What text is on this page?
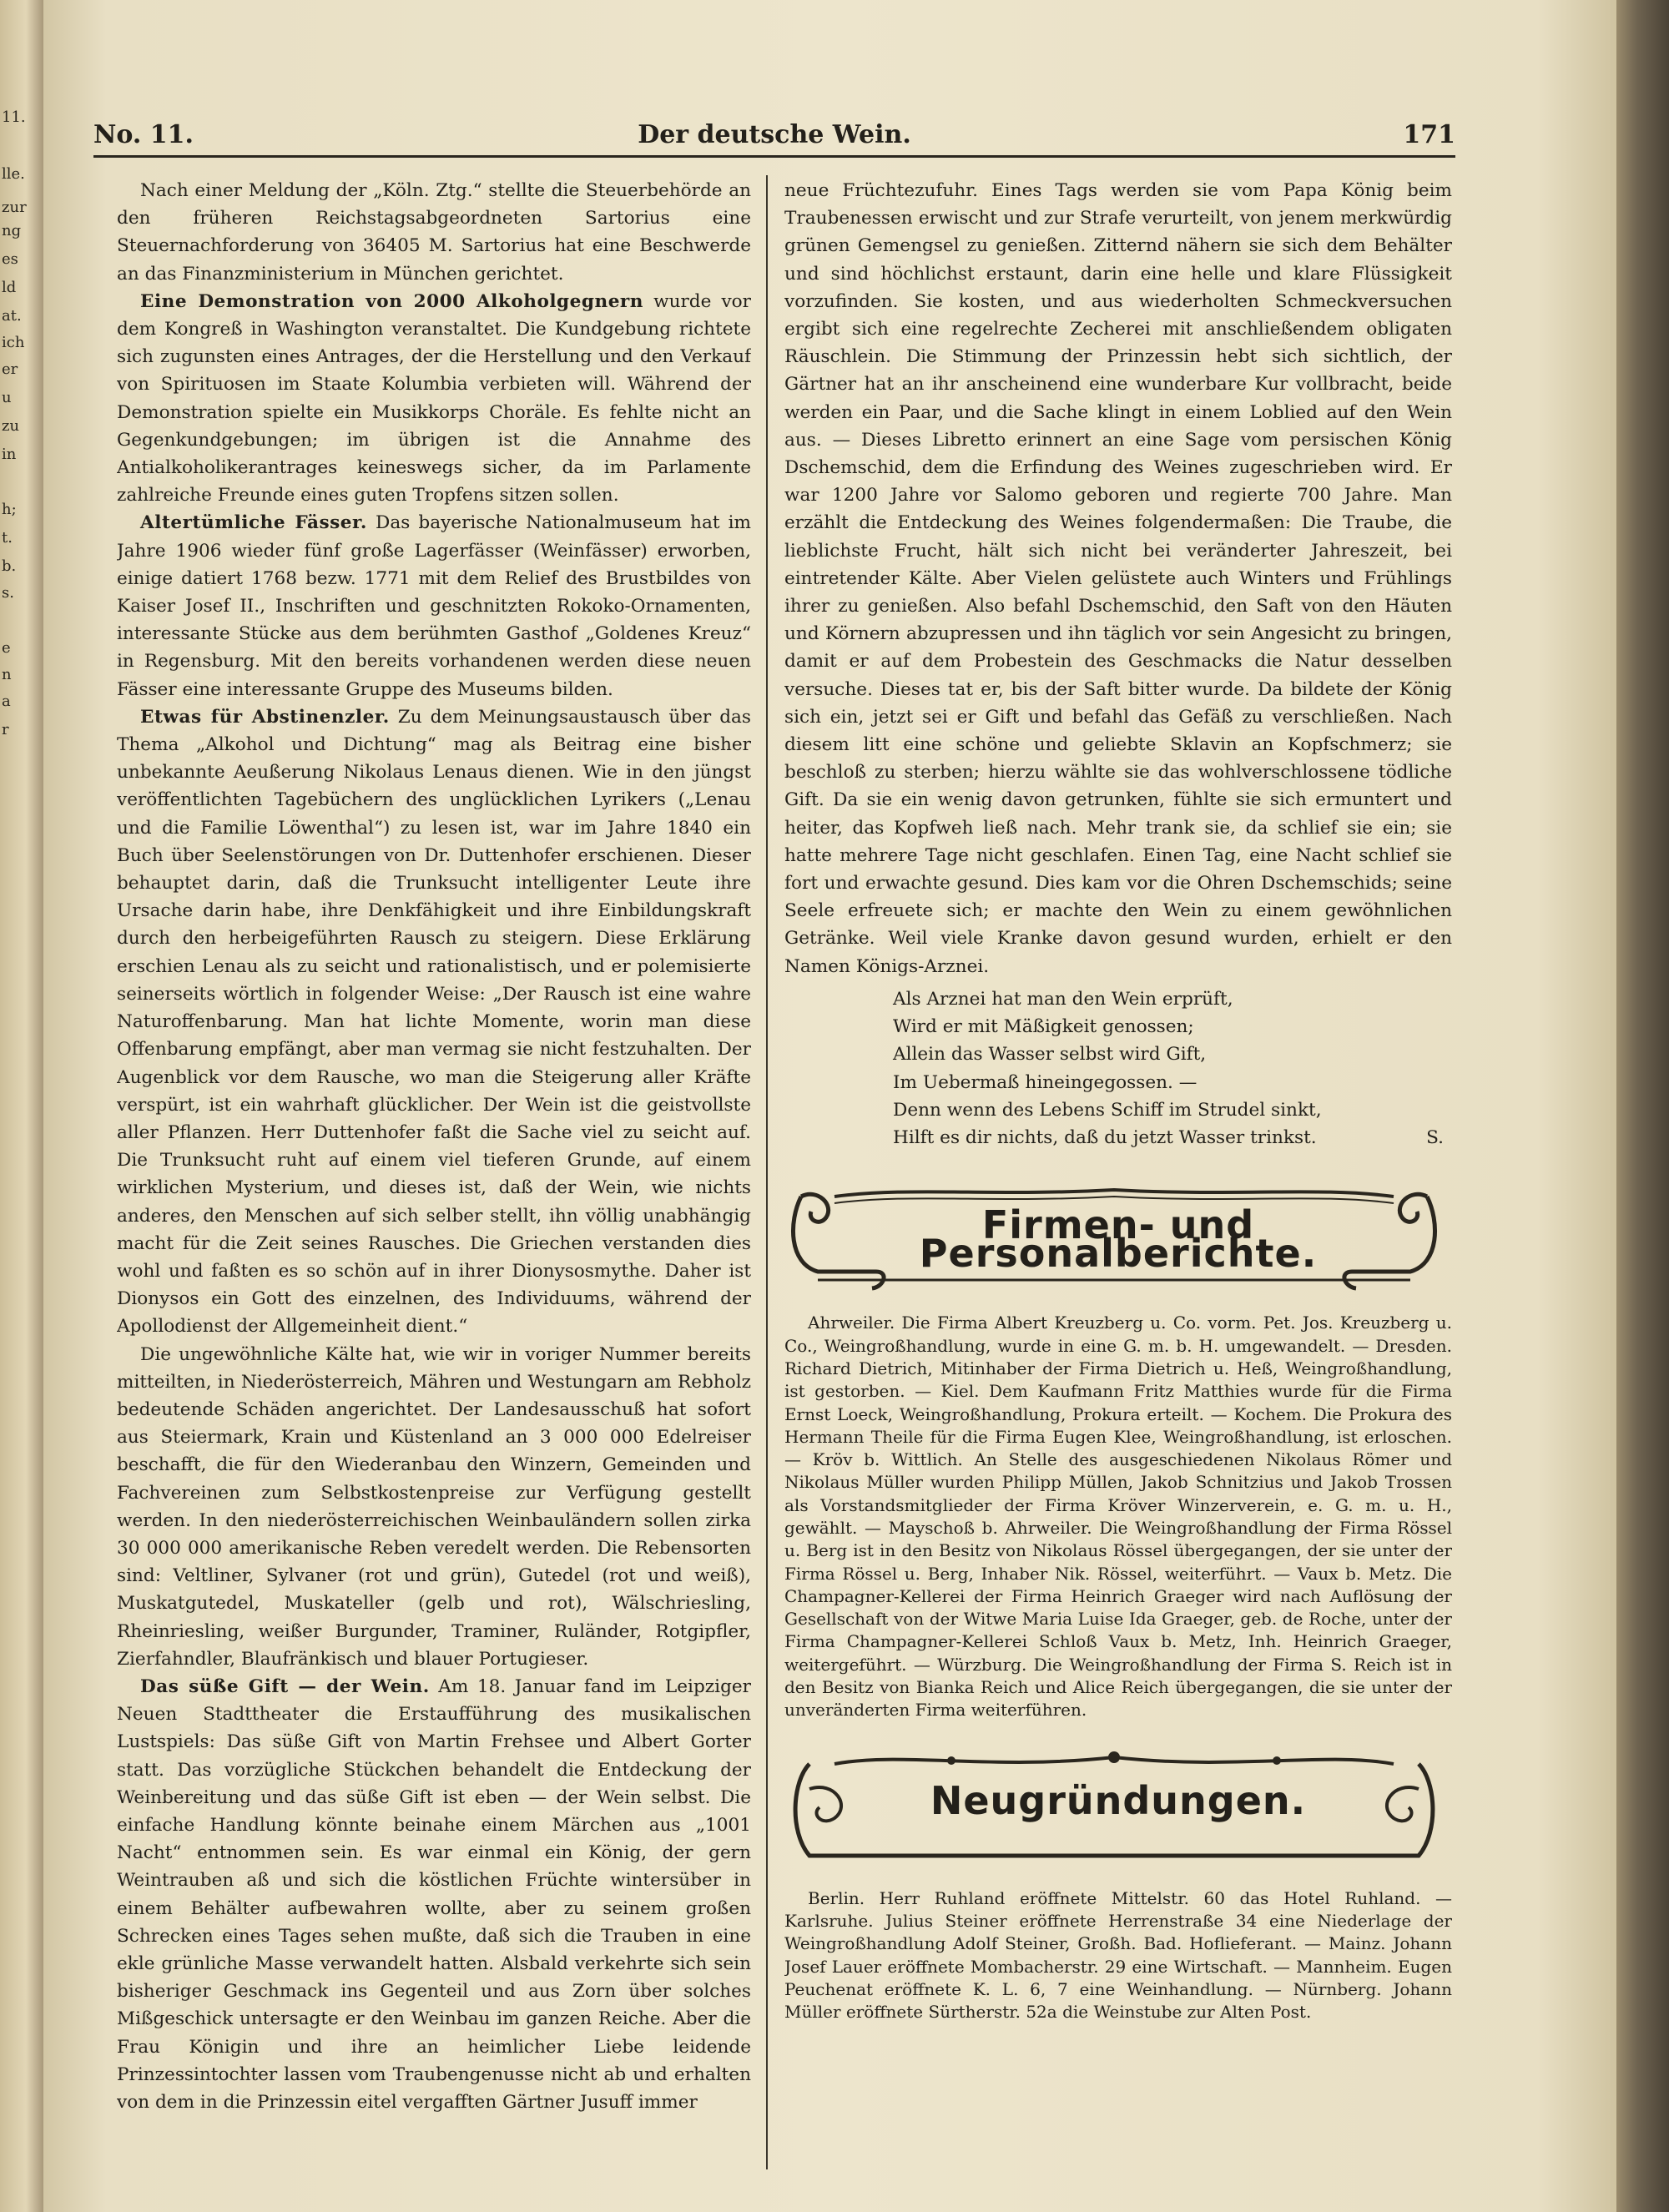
11.
lle.
zur
ng
es
ld
at.
ich
er
u
zu
in
h;
t.
b.
s.
e
n
a
r
No. 11.	Der deutsche Wein.	171

Nach einer Meldung der „Köln. Ztg.“ stellte die Steuerbehörde an den früheren Reichstagsabgeordneten Sartorius eine Steuernachforderung von 36405 M. Sartorius hat eine Beschwerde an das Finanzministerium in München gerichtet.

Eine Demonstration von 2000 Alkoholgegnern wurde vor dem Kongreß in Washington veranstaltet. Die Kundgebung richtete sich zugunsten eines Antrages, der die Herstellung und den Verkauf von Spirituosen im Staate Kolumbia verbieten will. Während der Demonstration spielte ein Musikkorps Choräle. Es fehlte nicht an Gegenkundgebungen; im übrigen ist die Annahme des Antialkoholikerantrages keineswegs sicher, da im Parlamente zahlreiche Freunde eines guten Tropfens sitzen sollen.

Altertümliche Fässer. Das bayerische Nationalmuseum hat im Jahre 1906 wieder fünf große Lagerfässer (Weinfässer) erworben, einige datiert 1768 bezw. 1771 mit dem Relief des Brustbildes von Kaiser Josef II., Inschriften und geschnitzten Rokoko-Ornamenten, interessante Stücke aus dem berühmten Gasthof „Goldenes Kreuz“ in Regensburg. Mit den bereits vorhandenen werden diese neuen Fässer eine interessante Gruppe des Museums bilden.

Etwas für Abstinenzler. Zu dem Meinungsaustausch über das Thema „Alkohol und Dichtung“ mag als Beitrag eine bisher unbekannte Aeußerung Nikolaus Lenaus dienen. Wie in den jüngst veröffentlichten Tagebüchern des unglücklichen Lyrikers („Lenau und die Familie Löwenthal“) zu lesen ist, war im Jahre 1840 ein Buch über Seelenstörungen von Dr. Duttenhofer erschienen. Dieser behauptet darin, daß die Trunksucht intelligenter Leute ihre Ursache darin habe, ihre Denkfähigkeit und ihre Einbildungskraft durch den herbeigeführten Rausch zu steigern. Diese Erklärung erschien Lenau als zu seicht und rationalistisch, und er polemisierte seinerseits wörtlich in folgender Weise: „Der Rausch ist eine wahre Naturoffenbarung. Man hat lichte Momente, worin man diese Offenbarung empfängt, aber man vermag sie nicht festzuhalten. Der Augenblick vor dem Rausche, wo man die Steigerung aller Kräfte verspürt, ist ein wahrhaft glücklicher. Der Wein ist die geistvollste aller Pflanzen. Herr Duttenhofer faßt die Sache viel zu seicht auf. Die Trunksucht ruht auf einem viel tieferen Grunde, auf einem wirklichen Mysterium, und dieses ist, daß der Wein, wie nichts anderes, den Menschen auf sich selber stellt, ihn völlig unabhängig macht für die Zeit seines Rausches. Die Griechen verstanden dies wohl und faßten es so schön auf in ihrer Dionysosmythe. Daher ist Dionysos ein Gott des einzelnen, des Individuums, während der Apollodienst der Allgemeinheit dient.“

Die ungewöhnliche Kälte hat, wie wir in voriger Nummer bereits mitteilten, in Niederösterreich, Mähren und Westungarn am Rebholz bedeutende Schäden angerichtet. Der Landesausschuß hat sofort aus Steiermark, Krain und Küstenland an 3 000 000 Edelreiser beschafft, die für den Wiederanbau den Winzern, Gemeinden und Fachvereinen zum Selbstkostenpreise zur Verfügung gestellt werden. In den niederösterreichischen Weinbauländern sollen zirka 30 000 000 amerikanische Reben veredelt werden. Die Rebensorten sind: Veltliner, Sylvaner (rot und grün), Gutedel (rot und weiß), Muskatgutedel, Muskateller (gelb und rot), Wälschriesling, Rheinriesling, weißer Burgunder, Traminer, Ruländer, Rotgipfler, Zierfahndler, Blaufränkisch und blauer Portugieser.

Das süße Gift — der Wein. Am 18. Januar fand im Leipziger Neuen Stadttheater die Erstaufführung des musikalischen Lustspiels: Das süße Gift von Martin Frehsee und Albert Gorter statt. Das vorzügliche Stückchen behandelt die Entdeckung der Weinbereitung und das süße Gift ist eben — der Wein selbst. Die einfache Handlung könnte beinahe einem Märchen aus „1001 Nacht“ entnommen sein. Es war einmal ein König, der gern Weintrauben aß und sich die köstlichen Früchte wintersüber in einem Behälter aufbewahren wollte, aber zu seinem großen Schrecken eines Tages sehen mußte, daß sich die Trauben in eine ekle grünliche Masse verwandelt hatten. Alsbald verkehrte sich sein bisheriger Geschmack ins Gegenteil und aus Zorn über solches Mißgeschick untersagte er den Weinbau im ganzen Reiche. Aber die Frau Königin und ihre an heimlicher Liebe leidende Prinzessintochter lassen vom Traubengenusse nicht ab und erhalten von dem in die Prinzessin eitel vergafften Gärtner Jusuff immer

neue Früchtezufuhr. Eines Tags werden sie vom Papa König beim Traubenessen erwischt und zur Strafe verurteilt, von jenem merkwürdig grünen Gemengsel zu genießen. Zitternd nähern sie sich dem Behälter und sind höchlichst erstaunt, darin eine helle und klare Flüssigkeit vorzufinden. Sie kosten, und aus wiederholten Schmeckversuchen ergibt sich eine regelrechte Zecherei mit anschließendem obligaten Räuschlein. Die Stimmung der Prinzessin hebt sich sichtlich, der Gärtner hat an ihr anscheinend eine wunderbare Kur vollbracht, beide werden ein Paar, und die Sache klingt in einem Loblied auf den Wein aus. — Dieses Libretto erinnert an eine Sage vom persischen König Dschemschid, dem die Erfindung des Weines zugeschrieben wird. Er war 1200 Jahre vor Salomo geboren und regierte 700 Jahre. Man erzählt die Entdeckung des Weines folgendermaßen: Die Traube, die lieblichste Frucht, hält sich nicht bei veränderter Jahreszeit, bei eintretender Kälte. Aber Vielen gelüstete auch Winters und Frühlings ihrer zu genießen. Also befahl Dschemschid, den Saft von den Häuten und Körnern abzupressen und ihn täglich vor sein Angesicht zu bringen, damit er auf dem Probestein des Geschmacks die Natur desselben versuche. Dieses tat er, bis der Saft bitter wurde. Da bildete der König sich ein, jetzt sei er Gift und befahl das Gefäß zu verschließen. Nach diesem litt eine schöne und geliebte Sklavin an Kopfschmerz; sie beschloß zu sterben; hierzu wählte sie das wohlverschlossene tödliche Gift. Da sie ein wenig davon getrunken, fühlte sie sich ermuntert und heiter, das Kopfweh ließ nach. Mehr trank sie, da schlief sie ein; sie hatte mehrere Tage nicht geschlafen. Einen Tag, eine Nacht schlief sie fort und erwachte gesund. Dies kam vor die Ohren Dschemschids; seine Seele erfreuete sich; er machte den Wein zu einem gewöhnlichen Getränke. Weil viele Kranke davon gesund wurden, erhielt er den Namen Königs-Arznei.

Als Arznei hat man den Wein erprüft,
Wird er mit Mäßigkeit genossen;
Allein das Wasser selbst wird Gift,
Im Uebermaß hineingegossen. —
Denn wenn des Lebens Schiff im Strudel sinkt,
Hilft es dir nichts, daß du jetzt Wasser trinkst.	S.
Firmen- und Personalberichte.

Ahrweiler. Die Firma Albert Kreuzberg u. Co. vorm. Pet. Jos. Kreuzberg u. Co., Weingroßhandlung, wurde in eine G. m. b. H. umgewandelt. — Dresden. Richard Dietrich, Mitinhaber der Firma Dietrich u. Heß, Weingroßhandlung, ist gestorben. — Kiel. Dem Kaufmann Fritz Matthies wurde für die Firma Ernst Loeck, Weingroßhandlung, Prokura erteilt. — Kochem. Die Prokura des Hermann Theile für die Firma Eugen Klee, Weingroßhandlung, ist erloschen. — Kröv b. Wittlich. An Stelle des ausgeschiedenen Nikolaus Römer und Nikolaus Müller wurden Philipp Müllen, Jakob Schnitzius und Jakob Trossen als Vorstandsmitglieder der Firma Kröver Winzerverein, e. G. m. u. H., gewählt. — Mayschoß b. Ahrweiler. Die Weingroßhandlung der Firma Rössel u. Berg ist in den Besitz von Nikolaus Rössel übergegangen, der sie unter der Firma Rössel u. Berg, Inhaber Nik. Rössel, weiterführt. — Vaux b. Metz. Die Champagner-Kellerei der Firma Heinrich Graeger wird nach Auflösung der Gesellschaft von der Witwe Maria Luise Ida Graeger, geb. de Roche, unter der Firma Champagner-Kellerei Schloß Vaux b. Metz, Inh. Heinrich Graeger, weitergeführt. — Würzburg. Die Weingroßhandlung der Firma S. Reich ist in den Besitz von Bianka Reich und Alice Reich übergegangen, die sie unter der unveränderten Firma weiterführen.

Neugründungen.

Berlin. Herr Ruhland eröffnete Mittelstr. 60 das Hotel Ruhland. — Karlsruhe. Julius Steiner eröffnete Herrenstraße 34 eine Niederlage der Weingroßhandlung Adolf Steiner, Großh. Bad. Hoflieferant. — Mainz. Johann Josef Lauer eröffnete Mombacherstr. 29 eine Wirtschaft. — Mannheim. Eugen Peuchenat eröffnete K. L. 6, 7 eine Weinhandlung. — Nürnberg. Johann Müller eröffnete Sürtherstr. 52a die Weinstube zur Alten Post.
